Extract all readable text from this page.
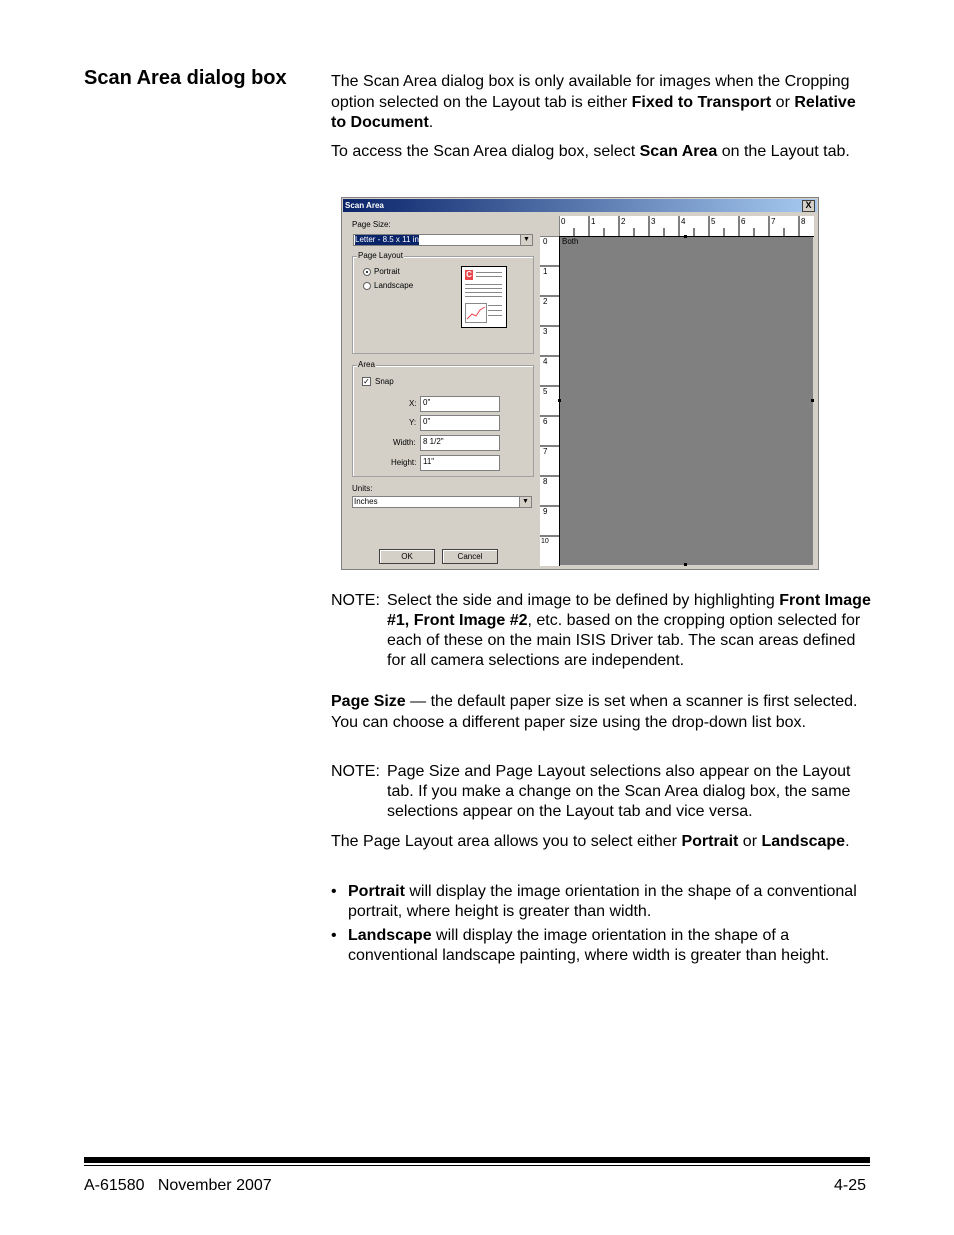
Scan Area dialog box	The Scan Area dialog box is only available for images when the Cropping option selected on the Layout tab is either Fixed to Transport or Relative to Document.

To access the Scan Area dialog box, select Scan Area on the Layout tab.

Scan Area	X
Page Size:
Letter - 8.5 x 11 in	▼
Page Layout
Portrait
Landscape
C
Area
✓ Snap
X: 0"
Y: 0"
Width: 8 1/2"
Height: 11"
Units:
Inches	▼
OK	Cancel
0	1	2	3	4	5	6	7	8
0
1
2
3
4
5
6
7
8
9
10
Both
NOTE: Select the side and image to be defined by highlighting Front Image #1, Front Image #2, etc. based on the cropping option selected for each of these on the main ISIS Driver tab. The scan areas defined for all camera selections are independent.

Page Size — the default paper size is set when a scanner is first selected. You can choose a different paper size using the drop-down list box.

NOTE: Page Size and Page Layout selections also appear on the Layout tab. If you make a change on the Scan Area dialog box, the same selections appear on the Layout tab and vice versa.

The Page Layout area allows you to select either Portrait or Landscape.

• Portrait will display the image orientation in the shape of a conventional portrait, where height is greater than width.
• Landscape will display the image orientation in the shape of a conventional landscape painting, where width is greater than height.
A-61580   November 2007	4-25
